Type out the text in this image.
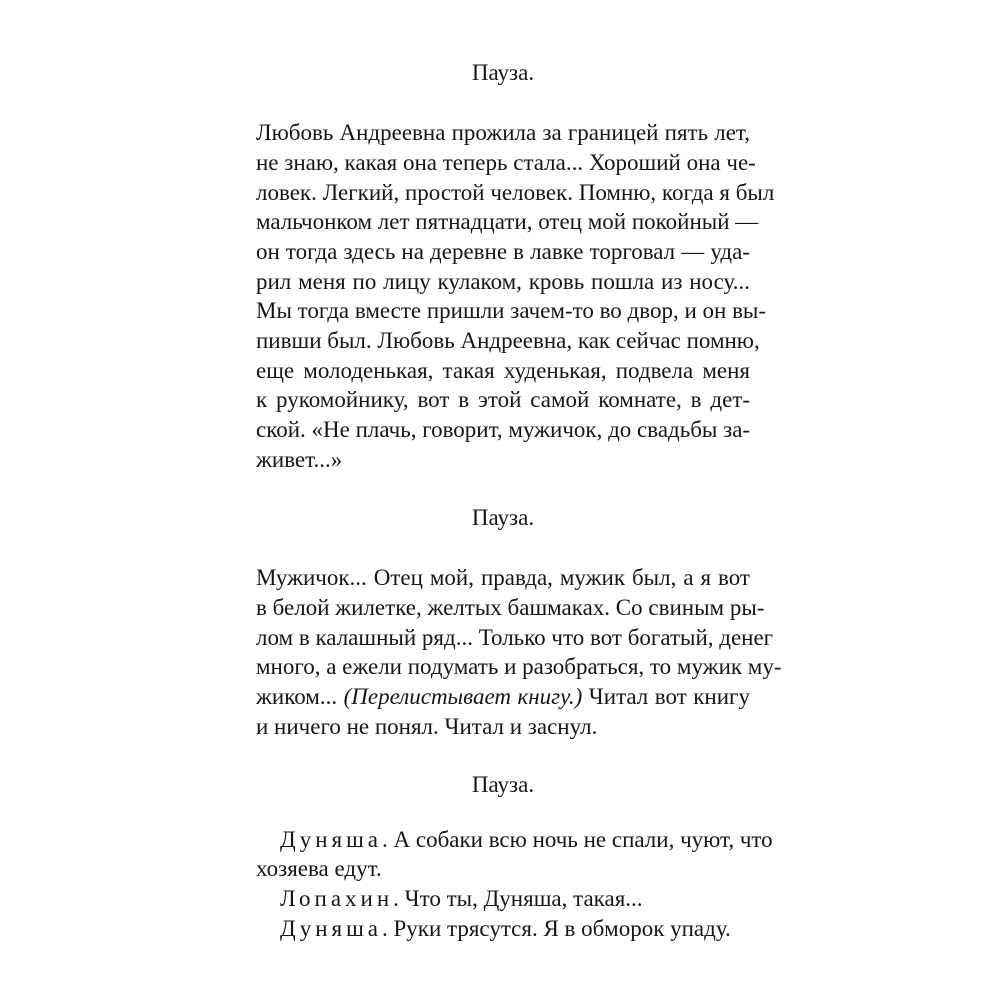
Пауза.
Любовь Андреевна прожила за границей пять лет,
не знаю, какая она теперь стала... Хороший она че-
ловек. Легкий, простой человек. Помню, когда я был
мальчонком лет пятнадцати, отец мой покойный —
он тогда здесь на деревне в лавке торговал — уда-
рил меня по лицу кулаком, кровь пошла из носу...
Мы тогда вместе пришли зачем-то во двор, и он вы-
пивши был. Любовь Андреевна, как сейчас помню,
еще молоденькая, такая худенькая, подвела меня
к рукомойнику, вот в этой самой комнате, в дет-
ской. «Не плачь, говорит, мужичок, до свадьбы за-
живет...»
Пауза.
Мужичок... Отец мой, правда, мужик был, а я вот
в белой жилетке, желтых башмаках. Со свиным ры-
лом в калашный ряд... Только что вот богатый, денег
много, а ежели подумать и разобраться, то мужик му-
жиком... (Перелистывает книгу.) Читал вот книгу
и ничего не понял. Читал и заснул.
Пауза.
Дуняша. А собаки всю ночь не спали, чуют, что
хозяева едут.
Лопахин. Что ты, Дуняша, такая...
Дуняша. Руки трясутся. Я в обморок упаду.
